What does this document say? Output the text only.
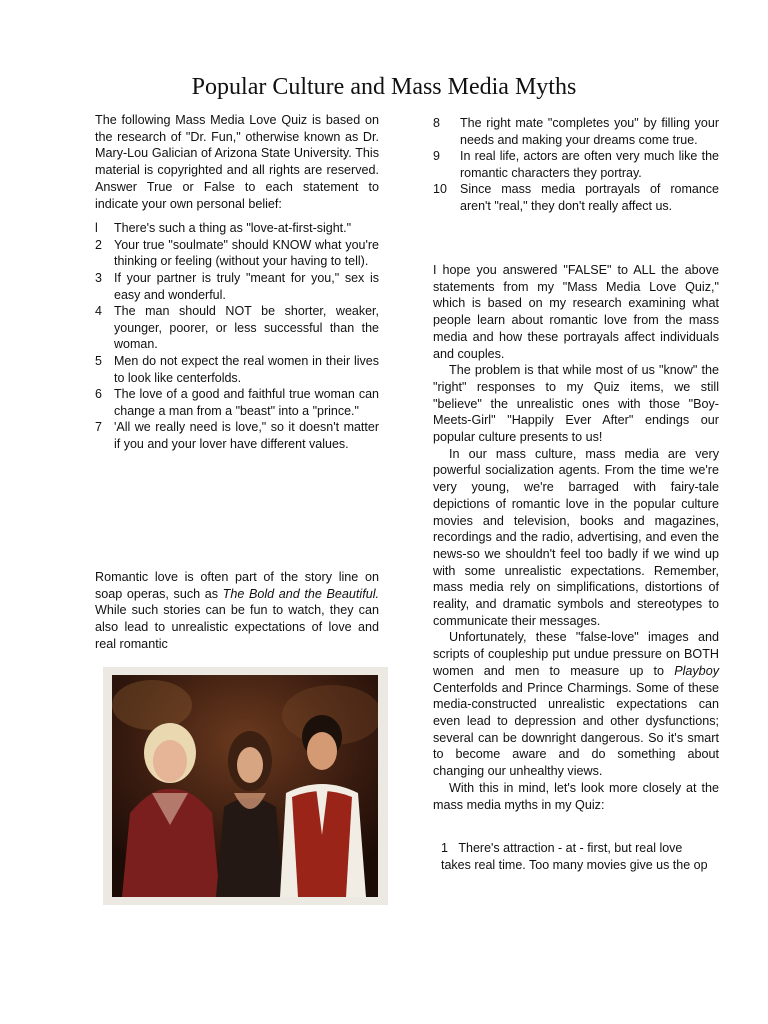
Popular Culture and Mass Media Myths

The following Mass Media Love Quiz is based on the research of "Dr. Fun," otherwise known as Dr. Mary-Lou Galician of Arizona State University. This material is copyrighted and all rights are reserved. Answer True or False to each statement to indicate your own personal belief:

l There's such a thing as "love-at-first-sight."
2 Your true "soulmate" should KNOW what you're thinking or feeling (without your having to tell).
3 If your partner is truly "meant for you," sex is easy and wonderful.
4 The man should NOT be shorter, weaker, younger, poorer, or less successful than the woman.
5 Men do not expect the real women in their lives to look like centerfolds.
6 The love of a good and faithful true woman can change a man from a "beast" into a "prince."
7 'All we really need is love," so it doesn't matter if you and your lover have different values.

Romantic love is often part of the story line on soap operas, such as The Bold and the Beautiful. While such stories can be fun to watch, they can also lead to unrealistic expectations of love and real romantic

8 The right mate "completes you" by filling your needs and making your dreams come true.
9 In real life, actors are often very much like the romantic characters they portray.
10 Since mass media portrayals of romance aren't "real," they don't really affect us.

I hope you answered "FALSE" to ALL the above statements from my "Mass Media Love Quiz," which is based on my research examining what people learn about romantic love from the mass media and how these portrayals affect individuals and couples.

The problem is that while most of us "know" the "right" responses to my Quiz items, we still "believe" the unrealistic ones with those "Boy-Meets-Girl" "Happily Ever After" endings our popular culture presents to us!

In our mass culture, mass media are very powerful socialization agents. From the time we're very young, we're barraged with fairy-tale depictions of romantic love in the popular culture movies and television, books and magazines, recordings and the radio, advertising, and even the news-so we shouldn't feel too badly if we wind up with some unrealistic expectations. Remember, mass media rely on simplifications, distortions of reality, and dramatic symbols and stereotypes to communicate their messages.

Unfortunately, these "false-love" images and scripts of coupleship put undue pressure on BOTH women and men to measure up to Playboy Centerfolds and Prince Charmings. Some of these media-constructed unrealistic expectations can even lead to depression and other dysfunctions; several can be downright dangerous. So it's smart to become aware and do something about changing our unhealthy views.

With this in mind, let's look more closely at the mass media myths in my Quiz:

1 There's attraction - at - first, but real love
takes real time. Too many movies give us the op
